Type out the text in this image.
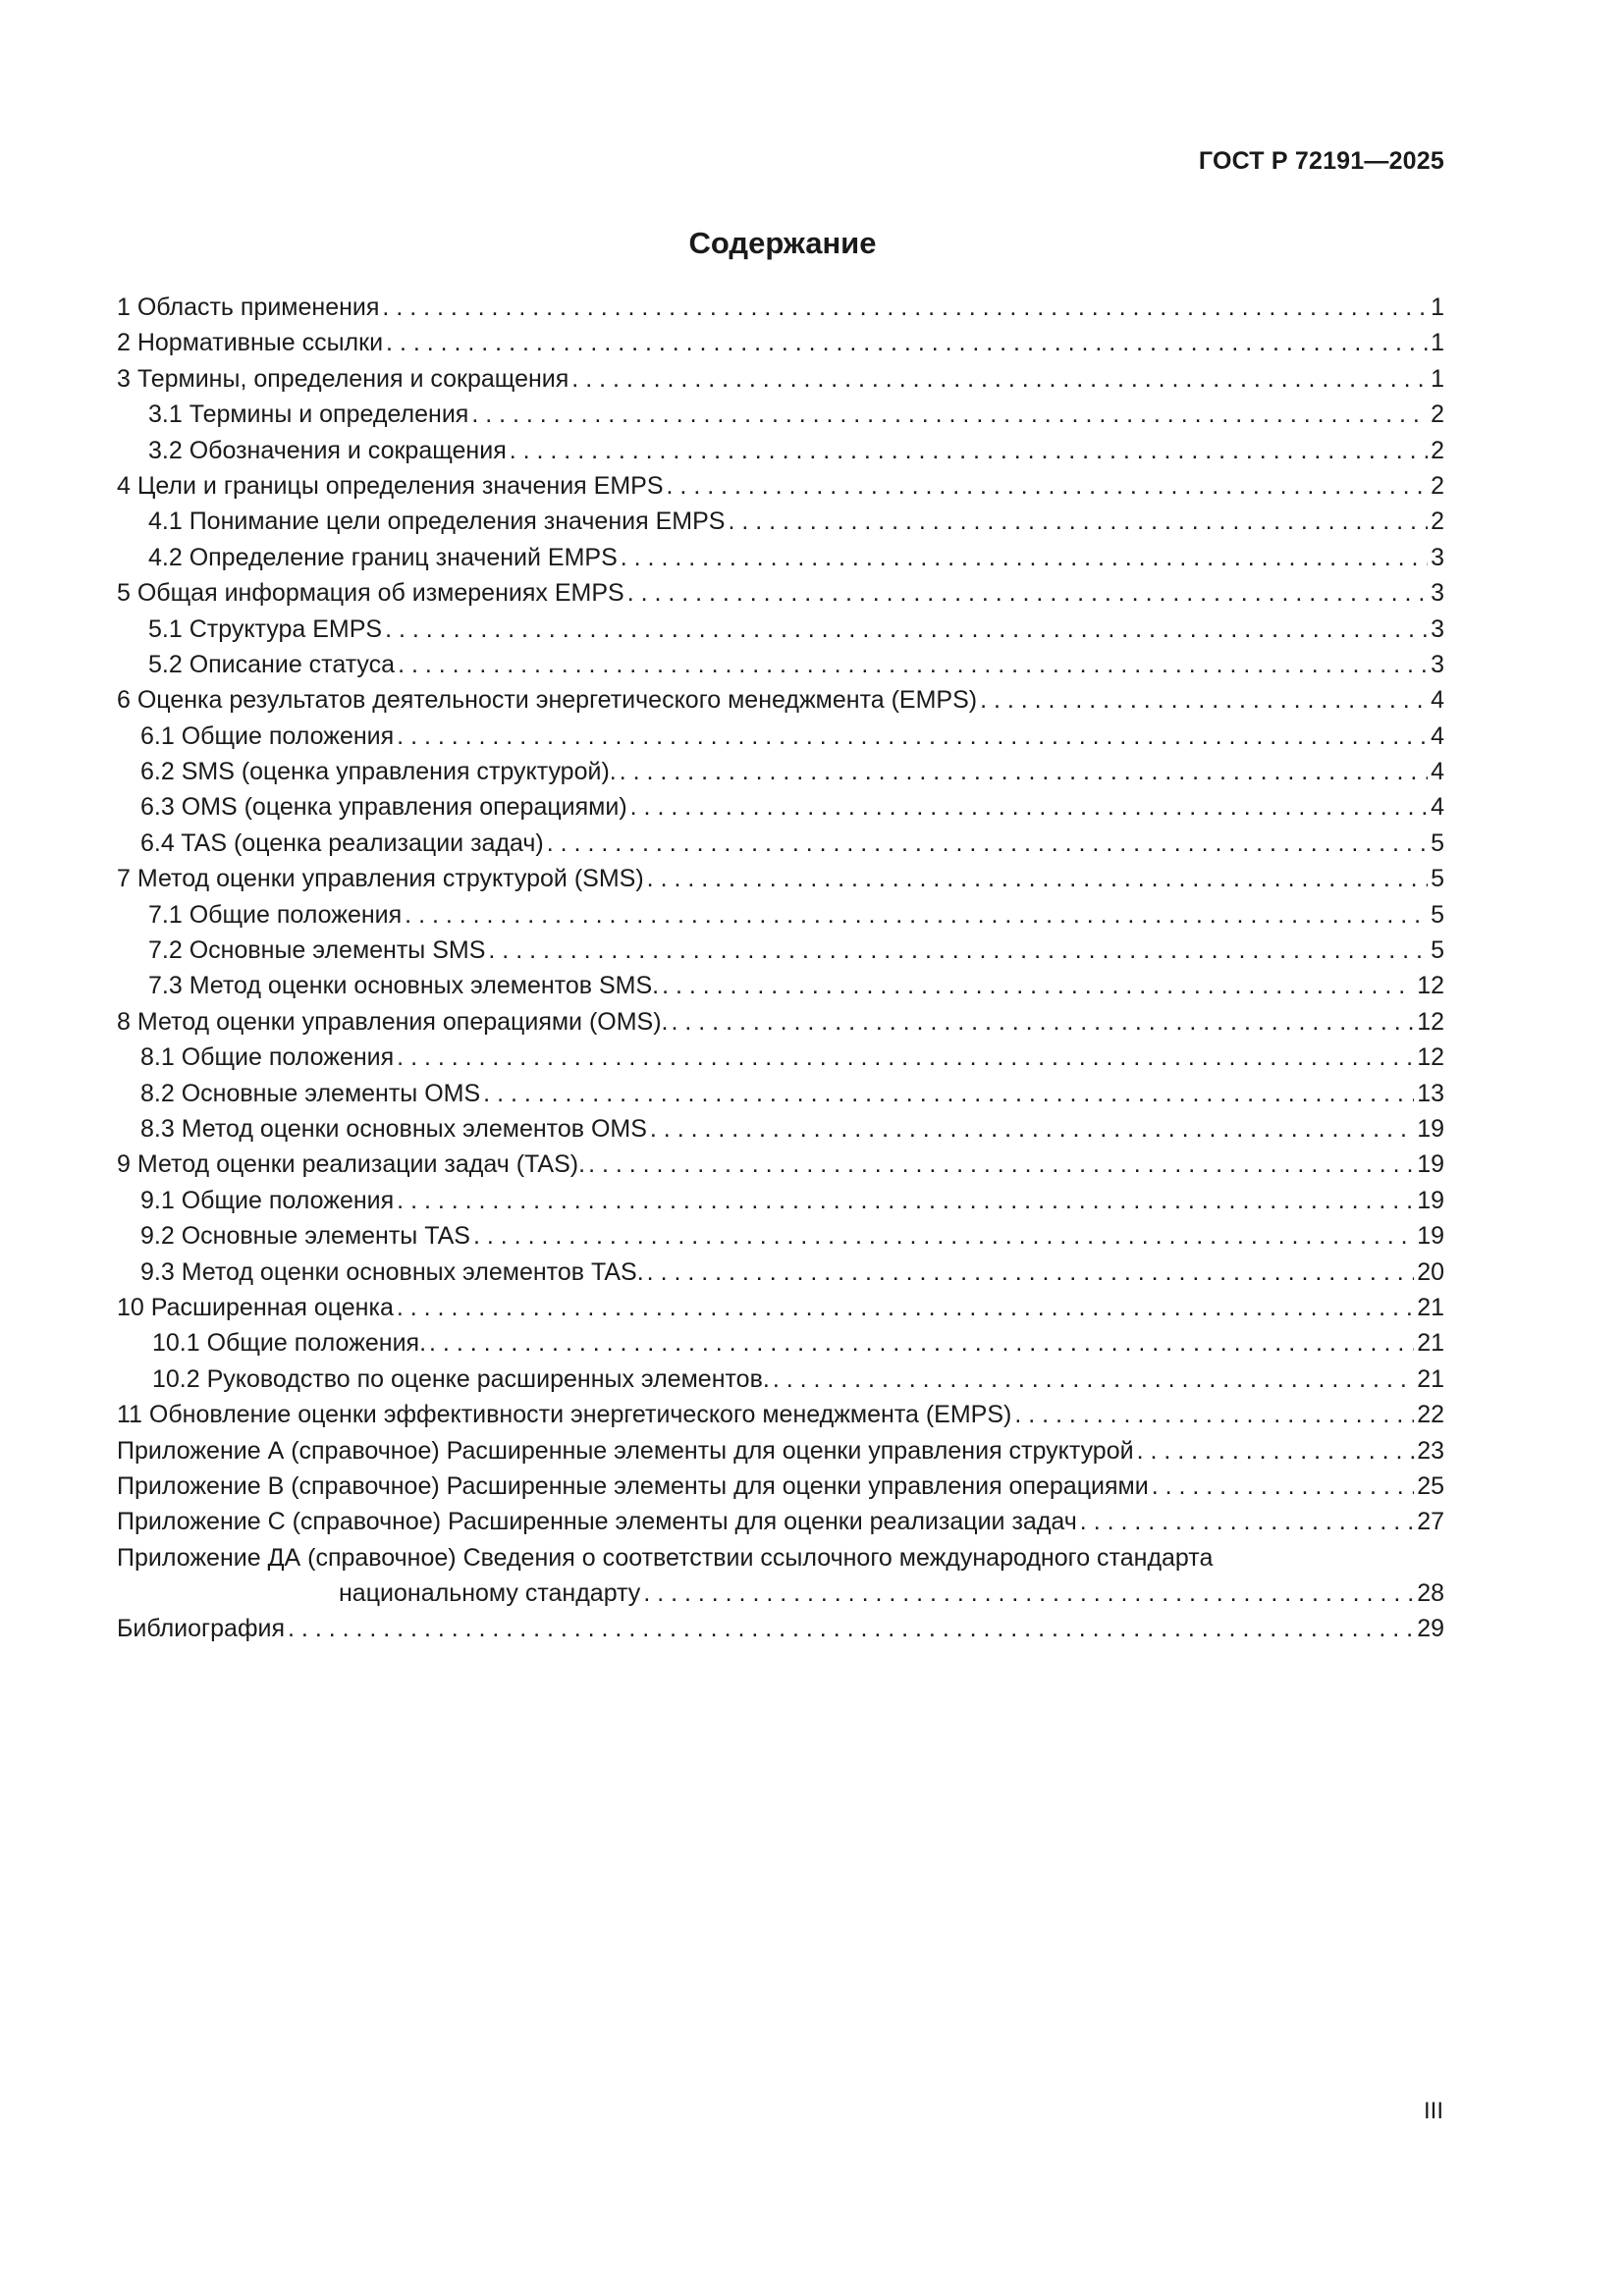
ГОСТ Р 72191—2025
Содержание
1 Область применения . . .	1
2 Нормативные ссылки . . .	1
3 Термины, определения и сокращения . . .	1
3.1 Термины и определения . . .	2
3.2 Обозначения и сокращения . . .	2
4 Цели и границы определения значения EMPS . . .	2
4.1 Понимание цели определения значения EMPS . . .	2
4.2 Определение границ значений EMPS . . .	3
5 Общая информация об измерениях EMPS . . .	3
5.1 Структура EMPS . . .	3
5.2 Описание статуса . . .	3
6 Оценка результатов деятельности энергетического менеджмента (EMPS) . . .	4
6.1 Общие положения . . .	4
6.2 SMS (оценка управления структурой). . . .	4
6.3 OMS (оценка управления операциями) . . .	4
6.4 TAS (оценка реализации задач) . . .	5
7 Метод оценки управления структурой (SMS) . . .	5
7.1 Общие положения . . .	5
7.2 Основные элементы SMS . . .	5
7.3 Метод оценки основных элементов SMS. . . .	12
8 Метод оценки управления операциями (OMS). . . .	12
8.1 Общие положения . . .	12
8.2 Основные элементы OMS . . .	13
8.3 Метод оценки основных элементов OMS . . .	19
9 Метод оценки реализации задач (TAS). . . .	19
9.1 Общие положения . . .	19
9.2 Основные элементы TAS . . .	19
9.3 Метод оценки основных элементов TAS. . . .	20
10 Расширенная оценка . . .	21
10.1 Общие положения. . . .	21
10.2 Руководство по оценке расширенных элементов. . . .	21
11 Обновление оценки эффективности энергетического менеджмента (EMPS) . . .	22
Приложение А (справочное) Расширенные элементы для оценки управления структурой . . .	23
Приложение В (справочное) Расширенные элементы для оценки управления операциями . . .	25
Приложение С (справочное) Расширенные элементы для оценки реализации задач . . .	27
Приложение ДА (справочное) Сведения о соответствии ссылочного международного стандарта
национальному стандарту . . .	28
Библиография . . .	29
III
